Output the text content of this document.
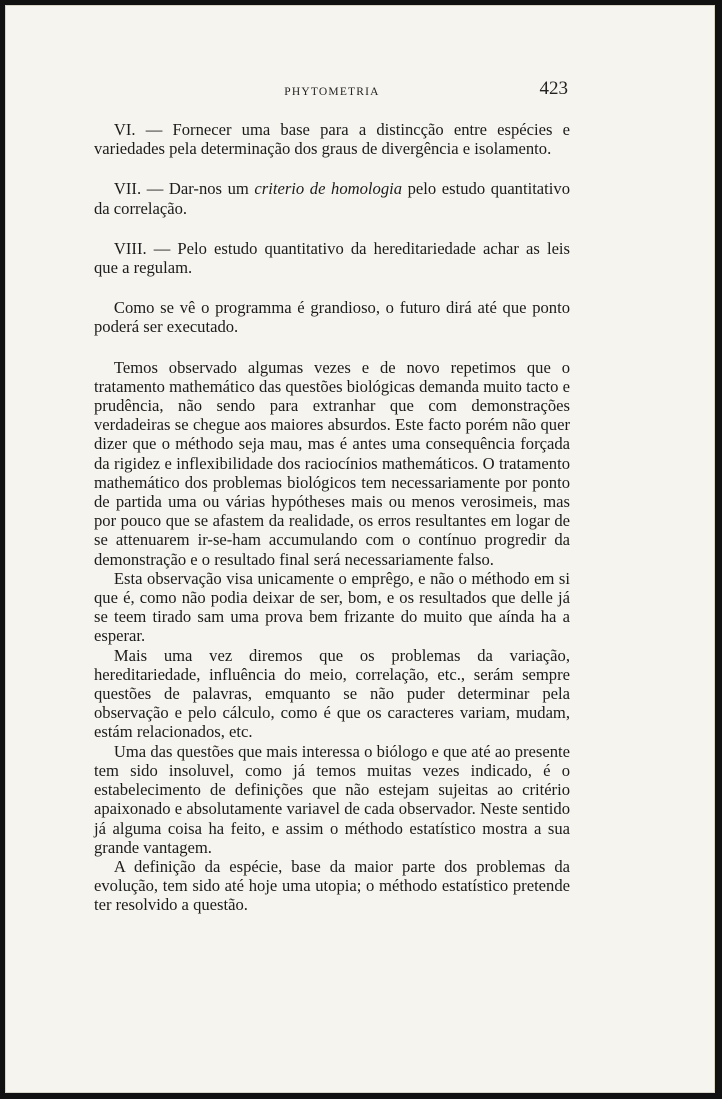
PHYTOMETRIA	423

VI. — Fornecer uma base para a distincção entre espécies e variedades pela determinação dos graus de divergência e isolamento.

VII. — Dar-nos um criterio de homologia pelo estudo quantitativo da correlação.

VIII. — Pelo estudo quantitativo da hereditariedade achar as leis que a regulam.

Como se vê o programma é grandioso, o futuro dirá até que ponto poderá ser executado.

Temos observado algumas vezes e de novo repetimos que o tratamento mathemático das questões biológicas demanda muito tacto e prudência, não sendo para extranhar que com demonstrações verdadeiras se chegue aos maiores absurdos. Este facto porém não quer dizer que o méthodo seja mau, mas é antes uma consequência forçada da rigidez e inflexibilidade dos raciocínios mathemáticos. O tratamento mathemático dos problemas biológicos tem necessariamente por ponto de partida uma ou várias hypótheses mais ou menos verosimeis, mas por pouco que se afastem da realidade, os erros resultantes em logar de se attenuarem ir-se-ham accumulando com o contínuo progredir da demonstração e o resultado final será necessariamente falso.

Esta observação visa unicamente o emprêgo, e não o méthodo em si que é, como não podia deixar de ser, bom, e os resultados que delle já se teem tirado sam uma prova bem frizante do muito que aínda ha a esperar.

Mais uma vez diremos que os problemas da variação, hereditariedade, influência do meio, correlação, etc., serám sempre questões de palavras, emquanto se não puder determinar pela observação e pelo cálculo, como é que os caracteres variam, mudam, estám relacionados, etc.

Uma das questões que mais interessa o biólogo e que até ao presente tem sido insoluvel, como já temos muitas vezes indicado, é o estabelecimento de definições que não estejam sujeitas ao critério apaixonado e absolutamente variavel de cada observador. Neste sentido já alguma coisa ha feito, e assim o méthodo estatístico mostra a sua grande vantagem.

A definição da espécie, base da maior parte dos problemas da evolução, tem sido até hoje uma utopia; o méthodo estatístico pretende ter resolvido a questão.
